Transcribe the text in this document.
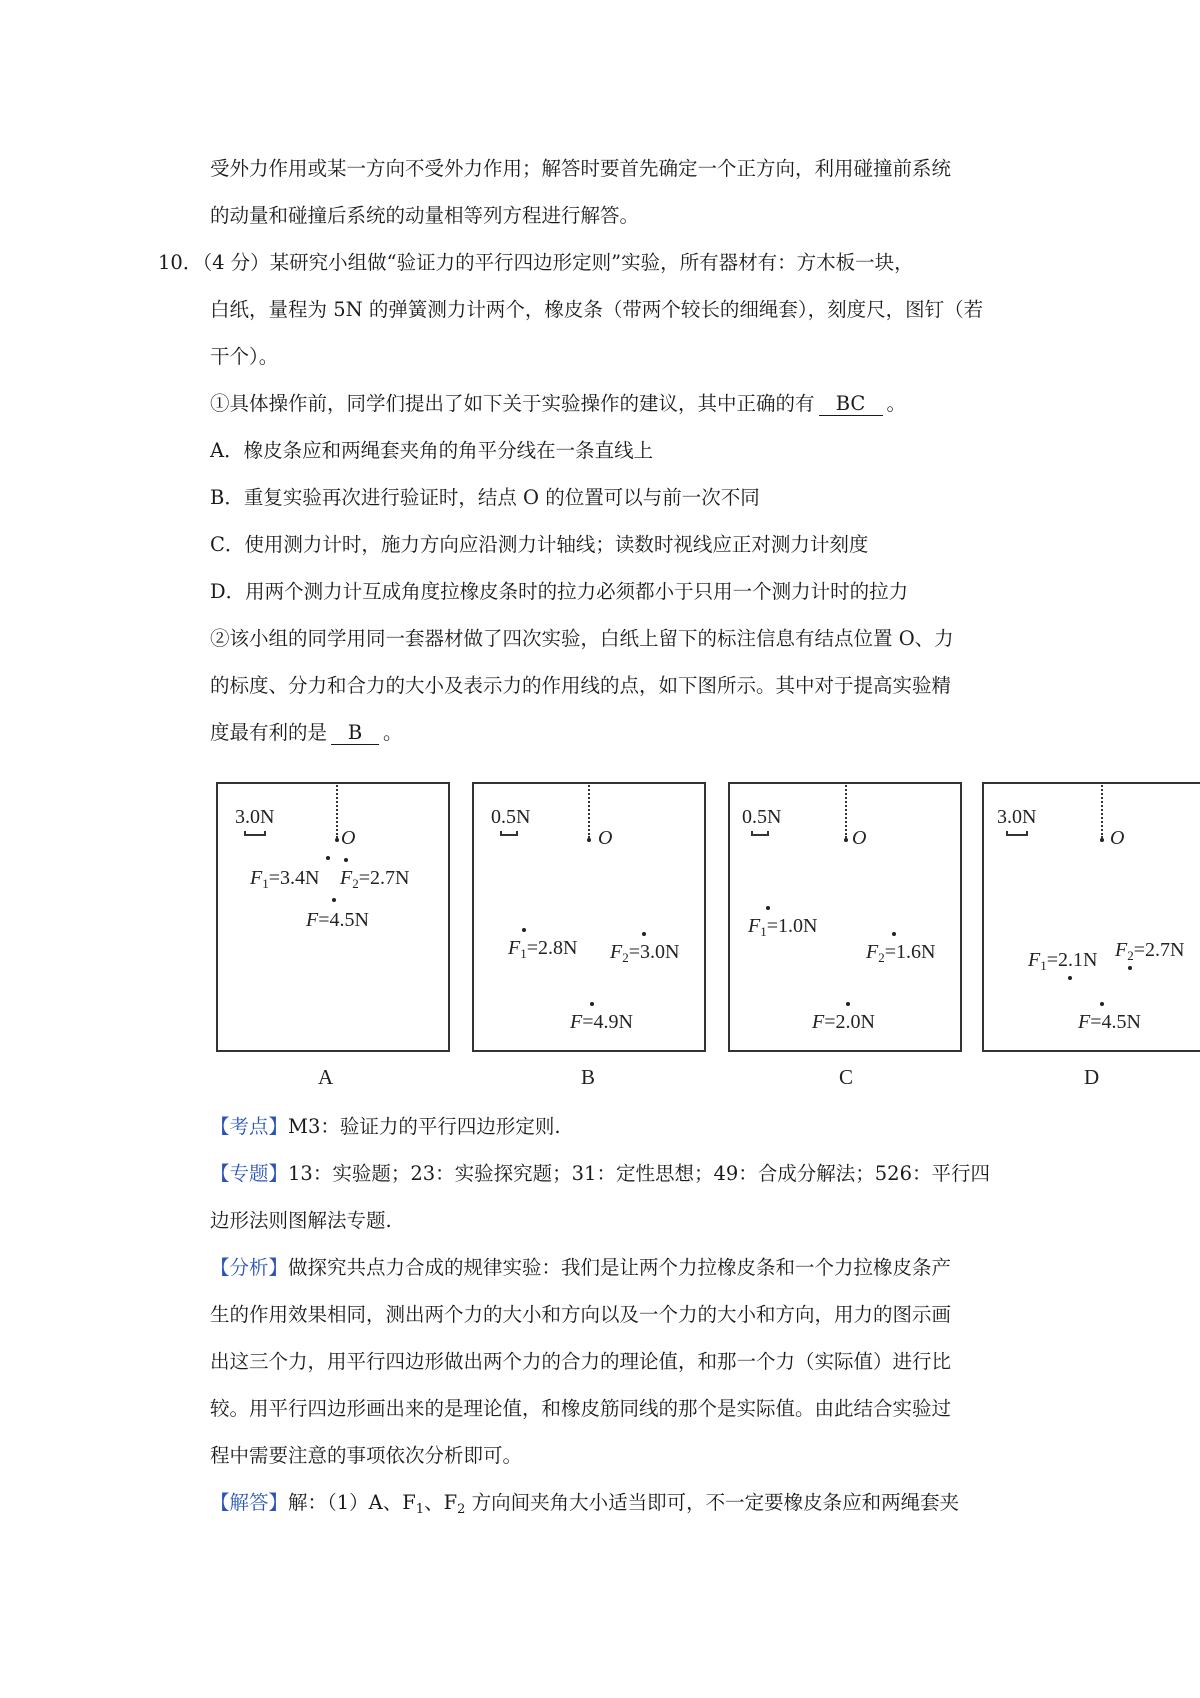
受外力作用或某一方向不受外力作用；解答时要首先确定一个正方向，利用碰撞前系统
的动量和碰撞后系统的动量相等列方程进行解答。
10．（4 分）某研究小组做“验证力的平行四边形定则”实验，所有器材有：方木板一块，
白纸，量程为 5N 的弹簧测力计两个，橡皮条（带两个较长的细绳套），刻度尺，图钉（若
干个）。
①具体操作前，同学们提出了如下关于实验操作的建议，其中正确的有 BC 。
A．橡皮条应和两绳套夹角的角平分线在一条直线上
B．重复实验再次进行验证时，结点 O 的位置可以与前一次不同
C．使用测力计时，施力方向应沿测力计轴线；读数时视线应正对测力计刻度
D．用两个测力计互成角度拉橡皮条时的拉力必须都小于只用一个测力计时的拉力
②该小组的同学用同一套器材做了四次实验，白纸上留下的标注信息有结点位置 O、力
的标度、分力和合力的大小及表示力的作用线的点，如下图所示。其中对于提高实验精
度最有利的是 B 。
O
3.0N
$F_1=3.4N$ $F_2=2.7N$
F=4.5N
A
O
0.5N
$F_1=2.8N$ $F_2=3.0N$
F=4.9N
B
O
0.5N
$F_1=1.0N$
$F_2=1.6N$
F=2.0N
C
O
3.0N
$F_1=2.1N$ $F_2=2.7N$
F=4.5N
D
【考点】M3：验证力的平行四边形定则.
【专题】13：实验题；23：实验探究题；31：定性思想；49：合成分解法；526：平行四
边形法则图解法专题.
【分析】做探究共点力合成的规律实验：我们是让两个力拉橡皮条和一个力拉橡皮条产
生的作用效果相同，测出两个力的大小和方向以及一个力的大小和方向，用力的图示画
出这三个力，用平行四边形做出两个力的合力的理论值，和那一个力（实际值）进行比
较。用平行四边形画出来的是理论值，和橡皮筋同线的那个是实际值。由此结合实验过
程中需要注意的事项依次分析即可。
【解答】解：（1）A、$F_1$、$F_2$ 方向间夹角大小适当即可，不一定要橡皮条应和两绳套夹
